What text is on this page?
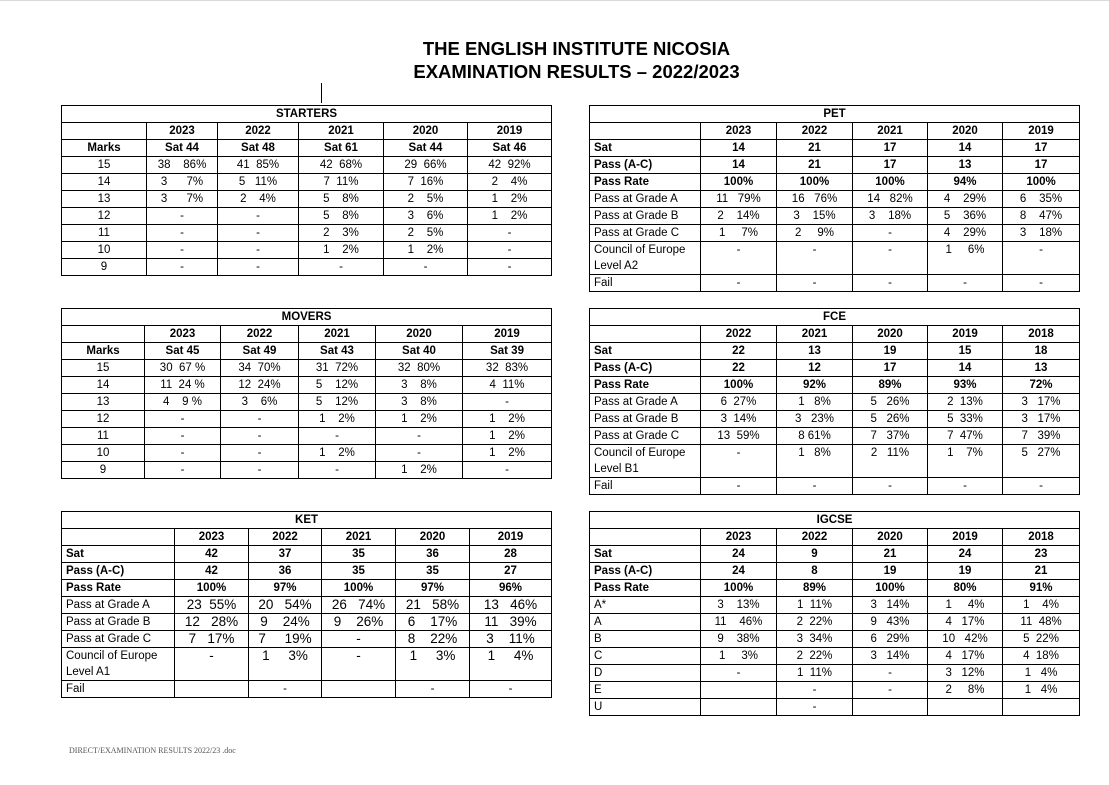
THE ENGLISH INSTITUTE NICOSIA
EXAMINATION RESULTS – 2022/2023
STARTERS					
	2023	2022	2021	2020	2019
Marks	Sat 44	Sat 48	Sat 61	Sat 44	Sat 46
15	38    86%	41  85%	42  68%	29  66%	42  92%
14	3      7%	5   11%	7  11%	7  16%	2    4%
13	3      7%	2    4%	5    8%	2    5%	1    2%
12	-	-	5    8%	3    6%	1    2%
11	-	-	2    3%	2    5%	-
10	-	-	1    2%	1    2%	-
9	-	-	-	-	-
MOVERS					
	2023	2022	2021	2020	2019
Marks	Sat 45	Sat 49	Sat 43	Sat 40	Sat 39
15	30  67 %	34  70%	31  72%	32  80%	32  83%
14	11  24 %	12  24%	5    12%	3    8%	4  11%
13	4    9 %	3    6%	5    12%	3    8%	-
12	-	-	1    2%	1    2%	1    2%
11	-	-	-	-	1    2%
10	-	-	1    2%	-	1    2%
9	-	-	-	1    2%	-
KET					
	2023	2022	2021	2020	2019
Sat	42	37	35	36	28
Pass (A-C)	42	36	35	35	27
Pass Rate	100%	97%	100%	97%	96%
Pass at Grade A	23  55%	20   54%	26   74%	21   58%	13   46%
Pass at Grade B	12   28%	9    24%	9    26%	6    17%	11   39%
Pass at Grade C	7   17%	7     19%	-	8    22%	3    11%
Council of Europe Level A1	-	1     3%	-	1     3%	1     4%
Fail		-		-	-
PET					
	2023	2022	2021	2020	2019
Sat	14	21	17	14	17
Pass (A-C)	14	21	17	13	17
Pass Rate	100%	100%	100%	94%	100%
Pass at Grade A	11   79%	16   76%	14   82%	4    29%	6    35%
Pass at Grade B	2    14%	3    15%	3    18%	5    36%	8    47%
Pass at Grade C	1     7%	2     9%	-	4    29%	3    18%
Council of Europe Level A2	-	-	-	1     6%	-
Fail	-	-	-	-	-
FCE					
	2022	2021	2020	2019	2018
Sat	22	13	19	15	18
Pass (A-C)	22	12	17	14	13
Pass Rate	100%	92%	89%	93%	72%
Pass at Grade A	6  27%	1   8%	5   26%	2  13%	3   17%
Pass at Grade B	3  14%	3   23%	5   26%	5  33%	3   17%
Pass at Grade C	13  59%	8 61%	7   37%	7  47%	7   39%
Council of Europe Level B1	-	1   8%	2   11%	1    7%	5   27%
Fail	-	-	-	-	-
IGCSE					
	2023	2022	2020	2019	2018
Sat	24	9	21	24	23
Pass (A-C)	24	8	19	19	21
Pass Rate	100%	89%	100%	80%	91%
A*	3    13%	1  11%	3   14%	1     4%	1    4%
A	11    46%	2  22%	9   43%	4   17%	11  48%
B	9    38%	3  34%	6   29%	10   42%	5  22%
C	1     3%	2  22%	3   14%	4   17%	4  18%
D	-	1  11%	-	3   12%	1   4%
E		-	-	2     8%	1   4%
U		-			
DIRECT/EXAMINATION RESULTS 2022/23 .doc
